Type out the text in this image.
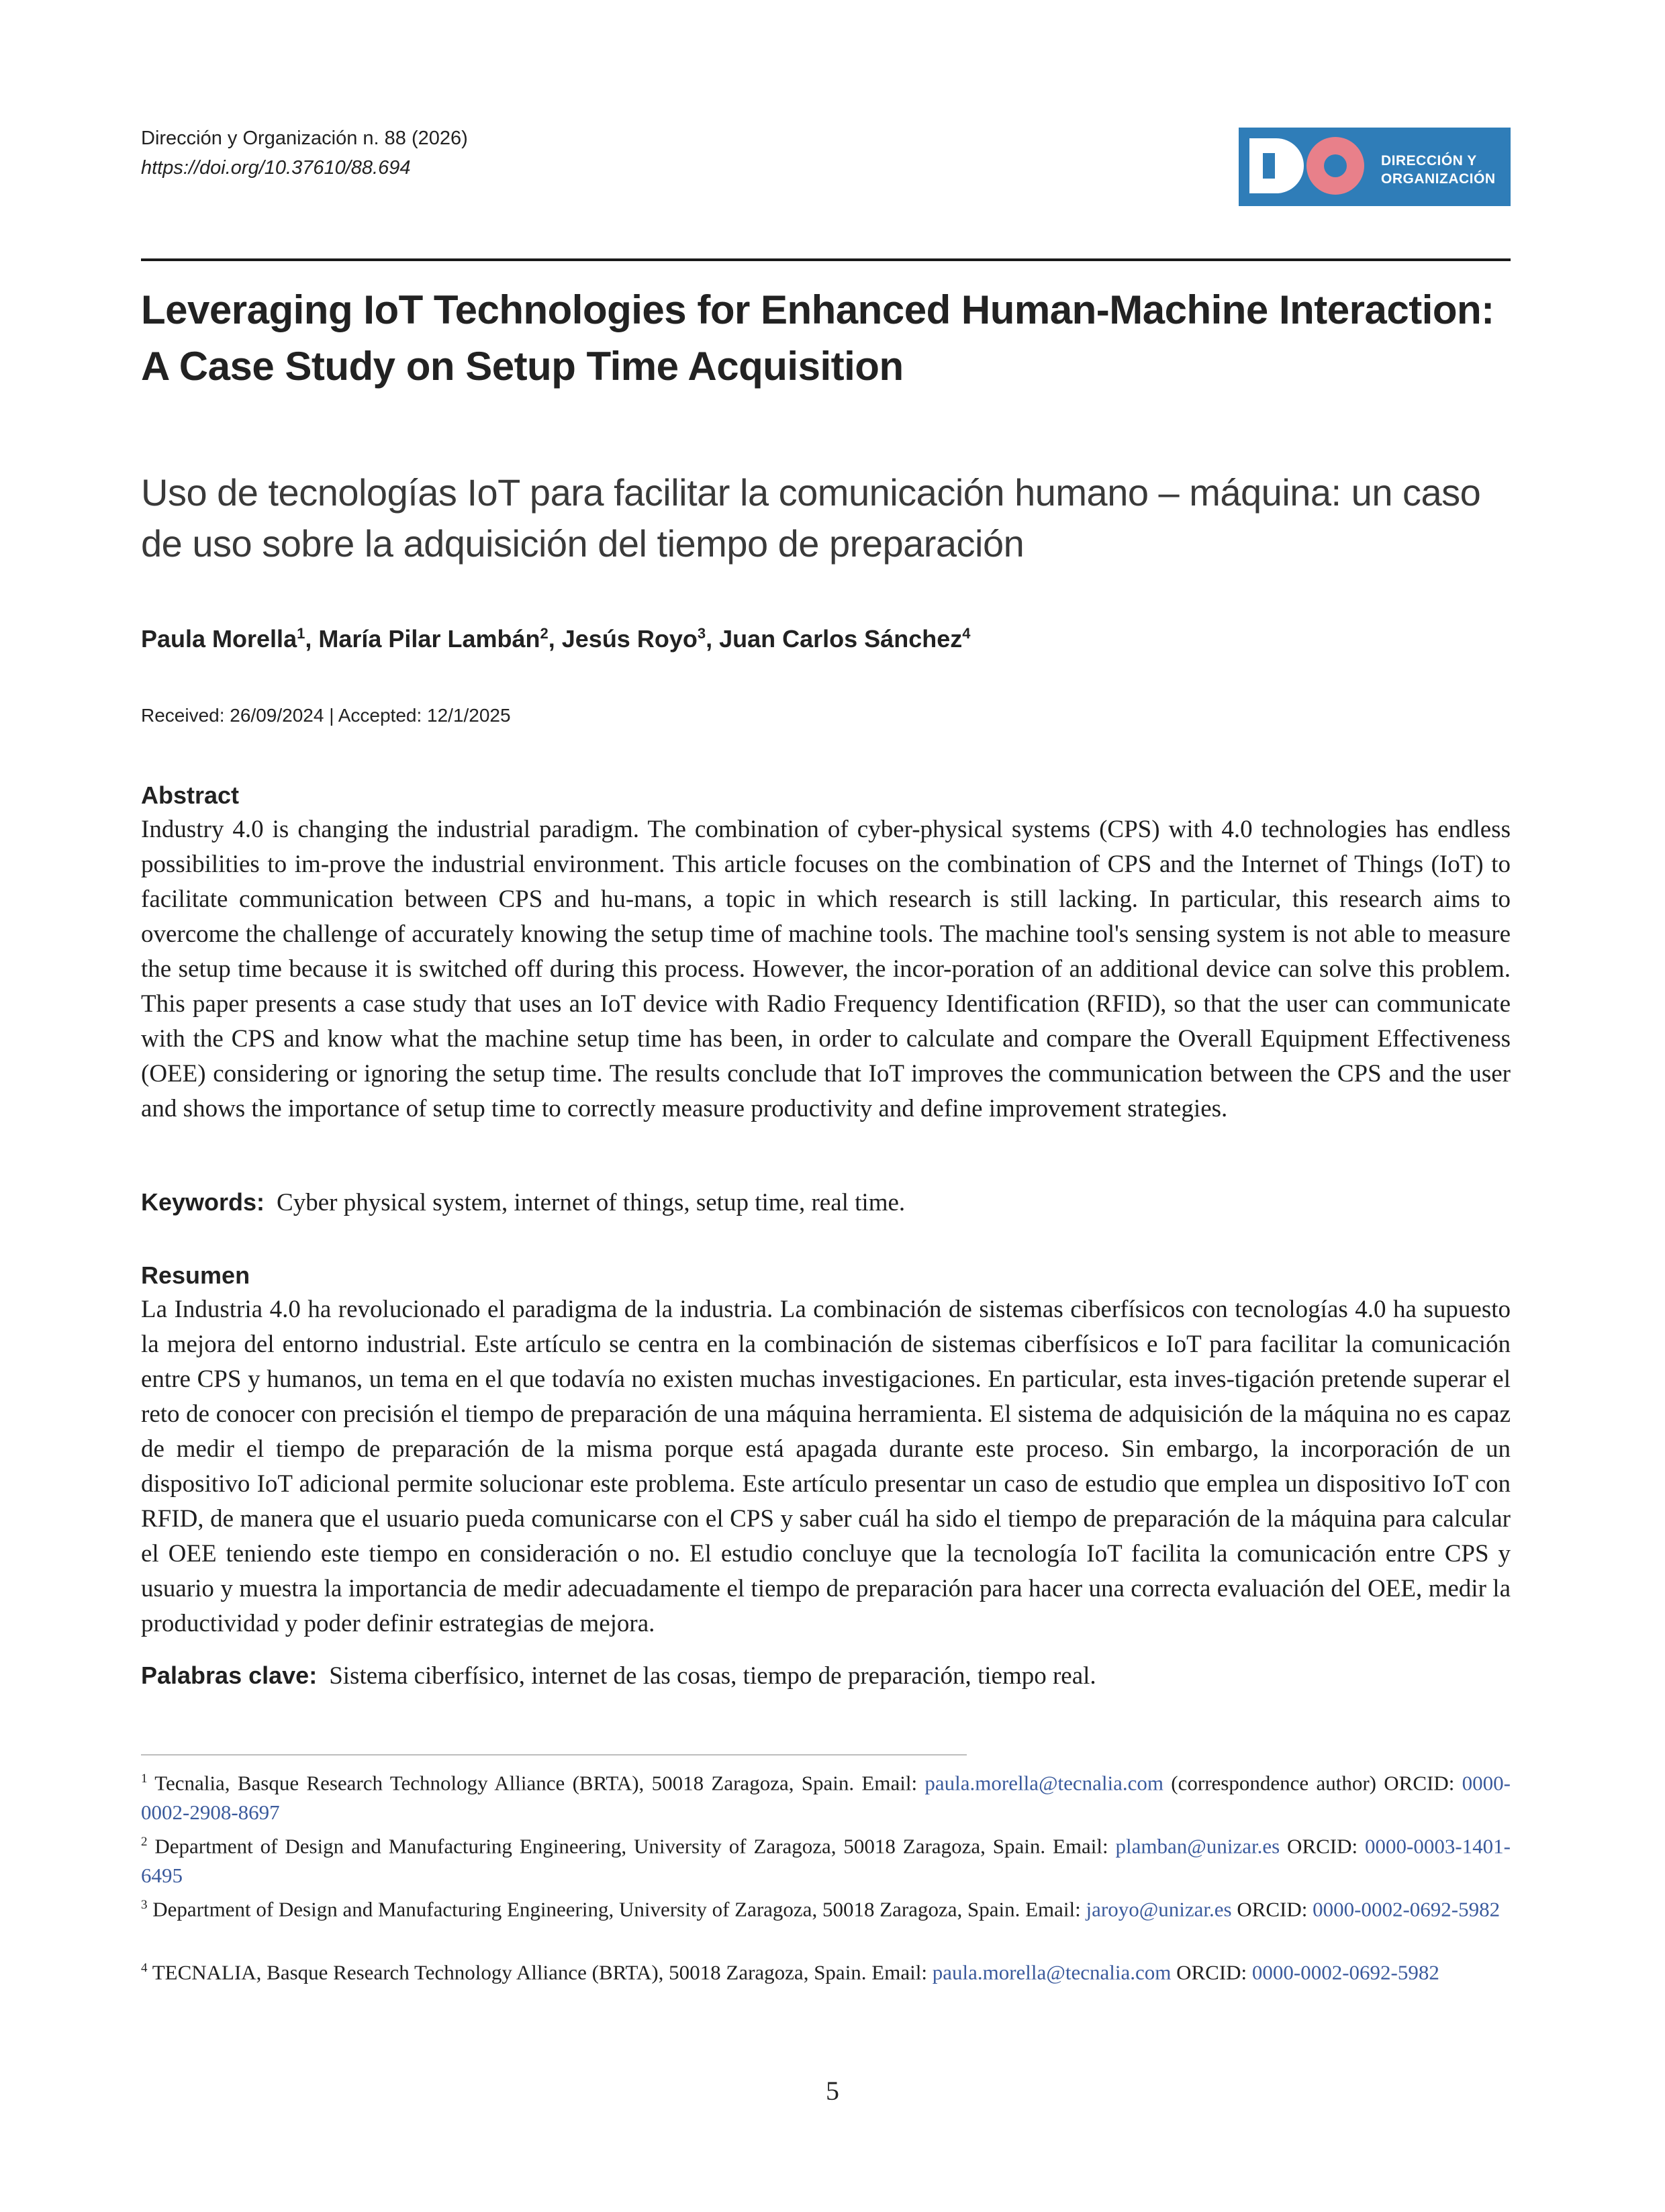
Dirección y Organización n. 88 (2026)
https://doi.org/10.37610/88.694	DIRECCIÓN Y
ORGANIZACIÓN
Leveraging IoT Technologies for Enhanced Human-Machine Interaction: A Case Study on Setup Time Acquisition
Uso de tecnologías IoT para facilitar la comunicación humano – máquina: un caso de uso sobre la adquisición del tiempo de preparación
Paula Morella$^1$, María Pilar Lambán$^2$, Jesús Royo$^3$, Juan Carlos Sánchez$^4$
Received: 26/09/2024 | Accepted: 12/1/2025
Abstract

Industry 4.0 is changing the industrial paradigm. The combination of cyber-physical systems (CPS) with 4.0 technologies has endless possibilities to im-prove the industrial environment. This article focuses on the combination of CPS and the Internet of Things (IoT) to facilitate communication between CPS and hu-mans, a topic in which research is still lacking. In particular, this research aims to overcome the challenge of accurately knowing the setup time of machine tools. The machine tool's sensing system is not able to measure the setup time because it is switched off during this process. However, the incor-poration of an additional device can solve this problem. This paper presents a case study that uses an IoT device with Radio Frequency Identification (RFID), so that the user can communicate with the CPS and know what the machine setup time has been, in order to calculate and compare the Overall Equipment Effectiveness (OEE) considering or ignoring the setup time. The results conclude that IoT improves the communication between the CPS and the user and shows the importance of setup time to correctly measure productivity and define improvement strategies.

Keywords: Cyber physical system, internet of things, setup time, real time.
Resumen

La Industria 4.0 ha revolucionado el paradigma de la industria. La combinación de sistemas ciberfísicos con tecnologías 4.0 ha supuesto la mejora del entorno industrial. Este artículo se centra en la combinación de sistemas ciberfísicos e IoT para facilitar la comunicación entre CPS y humanos, un tema en el que todavía no existen muchas investigaciones. En particular, esta inves-tigación pretende superar el reto de conocer con precisión el tiempo de preparación de una máquina herramienta. El sistema de adquisición de la máquina no es capaz de medir el tiempo de preparación de la misma porque está apagada durante este proceso. Sin embargo, la incorporación de un dispositivo IoT adicional permite solucionar este problema. Este artículo presentar un caso de estudio que emplea un dispositivo IoT con RFID, de manera que el usuario pueda comunicarse con el CPS y saber cuál ha sido el tiempo de preparación de la máquina para calcular el OEE teniendo este tiempo en consideración o no. El estudio concluye que la tecnología IoT facilita la comunicación entre CPS y usuario y muestra la importancia de medir adecuadamente el tiempo de preparación para hacer una correcta evaluación del OEE, medir la productividad y poder definir estrategias de mejora.

Palabras clave: Sistema ciberfísico, internet de las cosas, tiempo de preparación, tiempo real.

$^1$ Tecnalia, Basque Research Technology Alliance (BRTA), 50018 Zaragoza, Spain. Email: paula.morella@tecnalia.com (correspondence author) ORCID: 0000-0002-2908-8697

$^2$ Department of Design and Manufacturing Engineering, University of Zaragoza, 50018 Zaragoza, Spain. Email: plamban@unizar.es ORCID: 0000-0003-1401-6495

$^3$ Department of Design and Manufacturing Engineering, University of Zaragoza, 50018 Zaragoza, Spain. Email: jaroyo@unizar.es ORCID: 0000-0002-0692-5982

$^4$ TECNALIA, Basque Research Technology Alliance (BRTA), 50018 Zaragoza, Spain. Email: paula.morella@tecnalia.com ORCID: 0000-0002-0692-5982

5
